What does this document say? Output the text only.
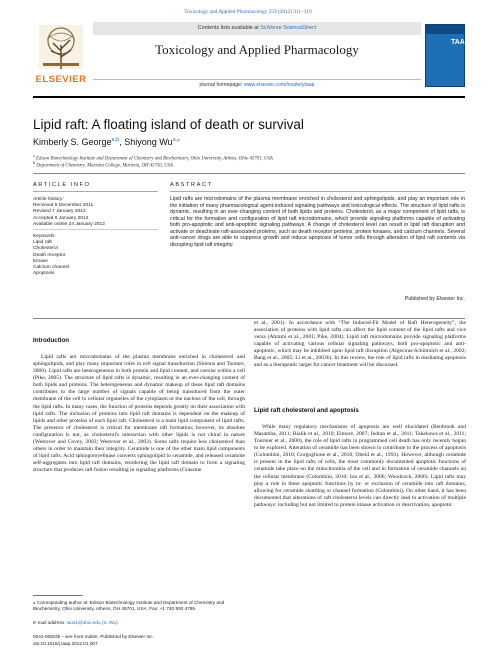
Toxicology and Applied Pharmacology 259 (2012) 311–319
ELSEVIER
Contents lists available at SciVerse ScienceDirect
Toxicology and Applied Pharmacology
journal homepage: www.elsevier.com/locate/ytaap
TAAP
Lipid raft: A floating island of death or survival
Kimberly S. George$^{a,b}$, Shiyong $Wu^{a,⁎}$
$^a$ Edison Biotechnology Institute and Department of Chemistry and Biochemistry, Ohio University, Athens, Ohio 45701, USA
$^b$ Department of Chemistry, Marietta College, Marietta, OH 45750, USA
ARTICLE INFO	ABSTRACT
Article history:
Received 5 December 2011
Revised 7 January 2012
Accepted 9 January 2012
Available online 24 January 2012
Keywords:
Lipid raft
Cholesterol
Death receptor
Kinase
Calcium channel
Apoptosis
Lipid rafts are microdomains of the plasma membrane enriched in cholesterol and sphingolipids, and play an important role in the initiation of many pharmacological agent-induced signaling pathways and toxicological effects. The structure of lipid rafts is dynamic, resulting in an ever-changing content of both lipids and proteins. Cholesterol, as a major component of lipid rafts, is critical for the formation and configuration of lipid raft microdomains, which provide signaling platforms capable of activating both pro-apoptotic and anti-apoptotic signaling pathways. A change of cholesterol level can result in lipid raft disruption and activate or deactivate raft-associated proteins, such as death receptor proteins, protein kinases, and calcium channels. Several anti-cancer drugs are able to suppress growth and induce apoptosis of tumor cells through alteration of lipid raft contents via disrupting lipid raft integrity.
Published by Elsevier Inc.
Introduction
Lipid rafts are microdomains of the plasma membrane enriched in cholesterol and sphingolipids, and play many important roles in cell signal transduction (Simons and Toomre, 2000). Lipid rafts are heterogeneous in both protein and lipid content, and coexist within a cell (Pike, 2005). The structure of lipid rafts is dynamic, resulting in an ever-changing content of both lipids and proteins. The heterogeneous and dynamic makeup of these lipid raft domains contributes to the large number of signals capable of being transduced from the outer membrane of the cell to cellular organelles of the cytoplasm or the nucleus of the cell, through the lipid rafts. In many cases, the function of proteins depends greatly on their association with lipid rafts. The inclusion of proteins into lipid raft domains is dependent on the makeup of lipids and other proteins of each lipid raft. Cholesterol is a main lipid component of lipid rafts. The presence of cholesterol is critical for membrane raft formation; however, its absolute configuration is not, as cholesterol's interaction with other lipids is not chiral in nature (Westover and Covey, 2003; Westover et al., 2003). Some rafts require less cholesterol than others in order to maintain their integrity. Ceramide is one of the other main lipid components of lipid rafts. Acid sphingomyelinase converts sphingolipid to ceramide, and released ceramide self-aggregates into lipid raft domains, reordering the lipid raft domain to form a signaling structure that produces raft fusion resulting in signaling platforms (Grassme
et al., 2001). In accordance with “The Induced-Fit Model of Raft Heterogeneity”, the association of proteins with lipid rafts can affect the lipid content of the lipid rafts and vice versa (Abrami et al., 2001; Pike, 2004). Lipid raft microdomains provide signaling platforms capable of activating various cellular signaling pathways, both pro-apoptotic and anti-apoptotic, which may be inhibited upon lipid raft disruption (Algeciras-Schimnich et al., 2002; Bang et al., 2005; Li et al., 2003b). In this review, the role of lipid rafts in mediating apoptosis and as a therapeutic target for cancer treatment will be discussed.
Lipid raft cholesterol and apoptosis
While many regulatory mechanisms of apoptosis are well elucidated (Benbrook and Masamha, 2011; Bialik et al., 2010; Elmore, 2007; Indran et al., 2011; Takekawa et al., 2011; Tournier et al., 2000), the role of lipid rafts in programmed cell death has only recently begun to be explored. Alteration of ceramide has been shown to contribute to the process of apoptosis (Colombini, 2010; Gorgoglione et al., 2010; Obeid et al., 1993). However, although ceramide is present in the lipid rafts of cells, the most commonly documented apoptotic functions of ceramide take place on the mitochondria of the cell and in formation of ceramide channels on the cellular membrane (Colombini, 2010; Ion et al., 2006; Woodcock, 2006). Lipid rafts may play a role in these apoptotic functions by in- or exclusion of ceramide into raft domains, allowing for ceramide shuttling or channel formation (Colombini). On other hand, it has been documented that alterations of raft cholesterol levels can directly lead to activation of multiple pathways: including but not limited to protein kinase activation or deactivation, apoptotic
⁎ Corresponding author at: Edison Biotechnology Institute and Department of Chemistry and Biochemistry, Ohio University, Athens, OH 45701, USA. Fax: +1 740 593 4795.
E-mail address: wus1@ohio.edu (S. Wu).
0041-008X/$ – see front matter. Published by Elsevier Inc.
doi:10.1016/j.taap.2012.01.007
